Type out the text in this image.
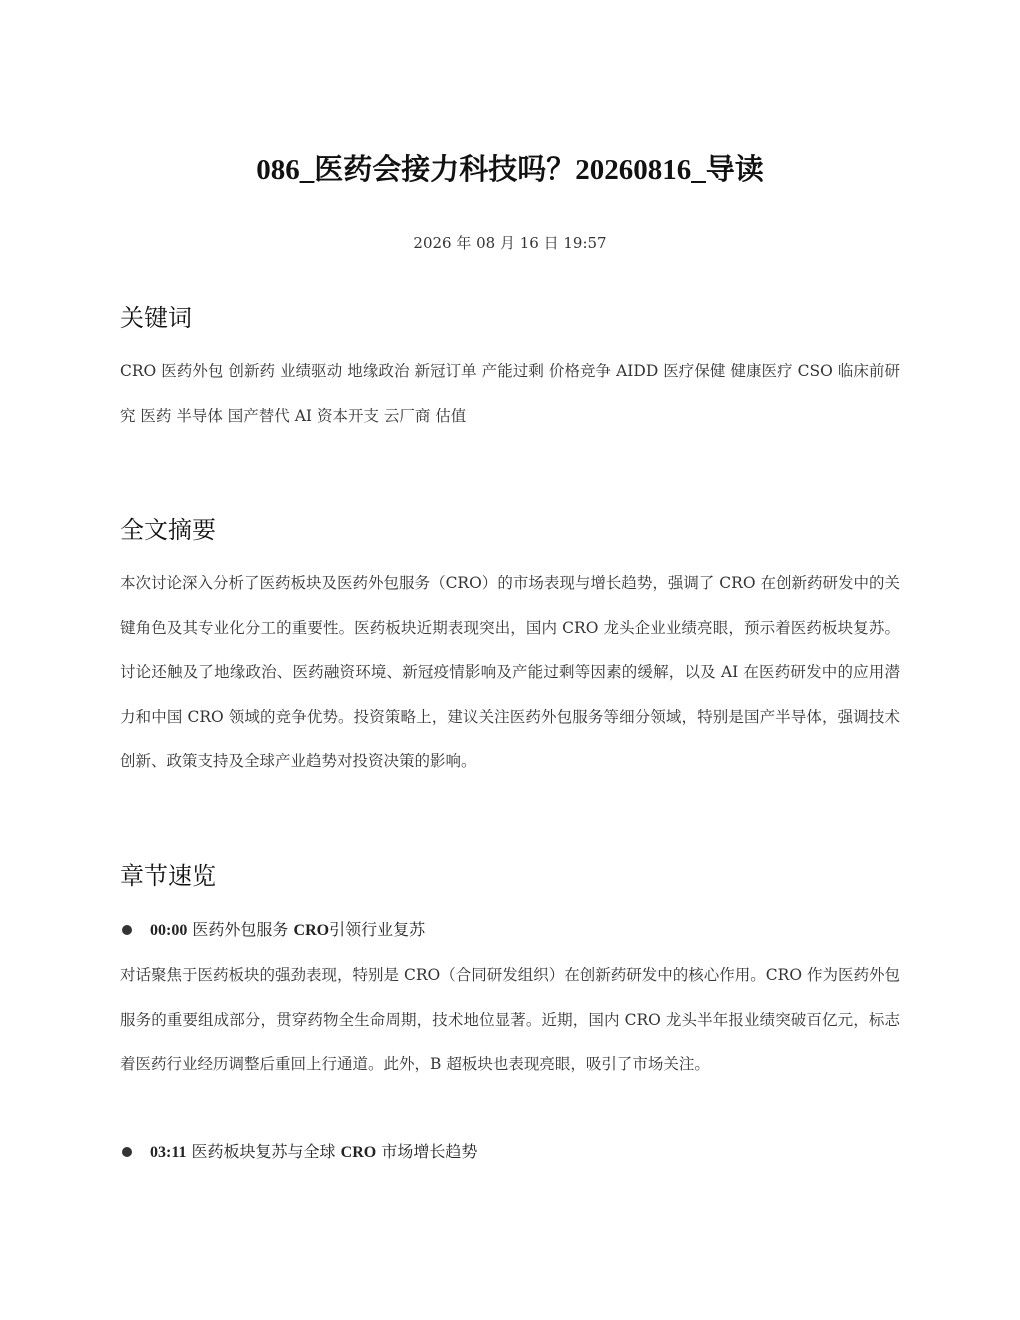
086_医药会接力科技吗？20260816_导读
2026 年 08 月 16 日 19:57
关键词

CRO 医药外包 创新药 业绩驱动 地缘政治 新冠订单 产能过剩 价格竞争 AIDD 医疗保健 健康医疗 CSO 临床前研究 医药 半导体 国产替代 AI 资本开支 云厂商 估值

全文摘要

本次讨论深入分析了医药板块及医药外包服务（CRO）的市场表现与增长趋势，强调了 CRO 在创新药研发中的关键角色及其专业化分工的重要性。医药板块近期表现突出，国内 CRO 龙头企业业绩亮眼，预示着医药板块复苏。讨论还触及了地缘政治、医药融资环境、新冠疫情影响及产能过剩等因素的缓解，以及 AI 在医药研发中的应用潜力和中国 CRO 领域的竞争优势。投资策略上，建议关注医药外包服务等细分领域，特别是国产半导体，强调技术创新、政策支持及全球产业趋势对投资决策的影响。

章节速览
00:00 医药外包服务 CRO引领行业复苏

对话聚焦于医药板块的强劲表现，特别是 CRO（合同研发组织）在创新药研发中的核心作用。CRO 作为医药外包服务的重要组成部分，贯穿药物全生命周期，技术地位显著。近期，国内 CRO 龙头半年报业绩突破百亿元，标志着医药行业经历调整后重回上行通道。此外，B 超板块也表现亮眼，吸引了市场关注。

03:11 医药板块复苏与全球 CRO 市场增长趋势
